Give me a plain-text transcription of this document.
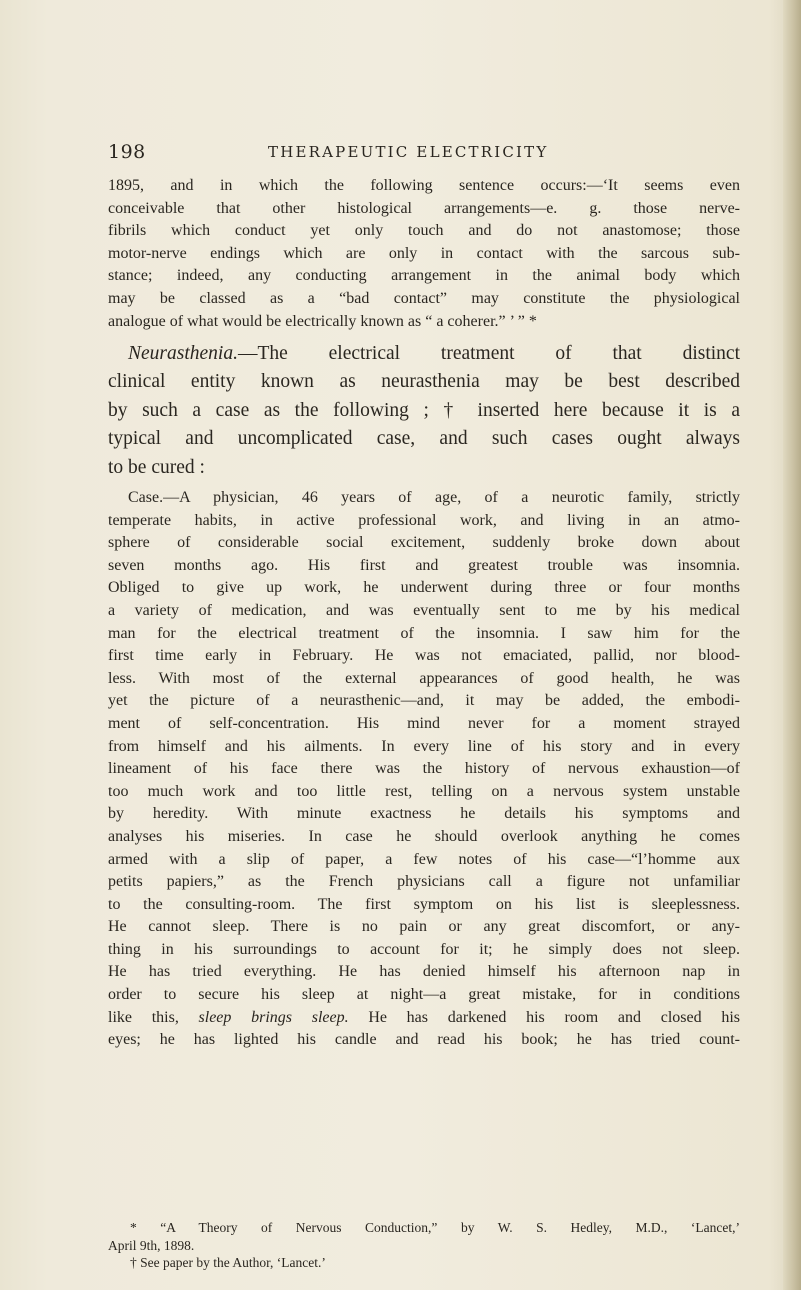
198	THERAPEUTIC ELECTRICITY
1895, and in which the following sentence occurs:—‘It seems even
conceivable that other histological arrangements—e. g. those nerve-
fibrils which conduct yet only touch and do not anastomose; those
motor-nerve endings which are only in contact with the sarcous sub-
stance; indeed, any conducting arrangement in the animal body which
may be classed as a “bad contact” may constitute the physiological
analogue of what would be electrically known as “ a coherer.” ’ ” *
Neurasthenia.—The electrical treatment of that distinct
clinical entity known as neurasthenia may be best described
by such a case as the following ; † inserted here because it is a
typical and uncomplicated case, and such cases ought always
to be cured :
Case.—A physician, 46 years of age, of a neurotic family, strictly
temperate habits, in active professional work, and living in an atmo-
sphere of considerable social excitement, suddenly broke down about
seven months ago. His first and greatest trouble was insomnia.
Obliged to give up work, he underwent during three or four months
a variety of medication, and was eventually sent to me by his medical
man for the electrical treatment of the insomnia. I saw him for the
first time early in February. He was not emaciated, pallid, nor blood-
less. With most of the external appearances of good health, he was
yet the picture of a neurasthenic—and, it may be added, the embodi-
ment of self-concentration. His mind never for a moment strayed
from himself and his ailments. In every line of his story and in every
lineament of his face there was the history of nervous exhaustion—of
too much work and too little rest, telling on a nervous system unstable
by heredity. With minute exactness he details his symptoms and
analyses his miseries. In case he should overlook anything he comes
armed with a slip of paper, a few notes of his case—“l’homme aux
petits papiers,” as the French physicians call a figure not unfamiliar
to the consulting-room. The first symptom on his list is sleeplessness.
He cannot sleep. There is no pain or any great discomfort, or any-
thing in his surroundings to account for it; he simply does not sleep.
He has tried everything. He has denied himself his afternoon nap in
order to secure his sleep at night—a great mistake, for in conditions
like this, sleep brings sleep. He has darkened his room and closed his
eyes; he has lighted his candle and read his book; he has tried count-
* “A Theory of Nervous Conduction,” by W. S. Hedley, M.D., ‘Lancet,’
April 9th, 1898.
† See paper by the Author, ‘Lancet.’
